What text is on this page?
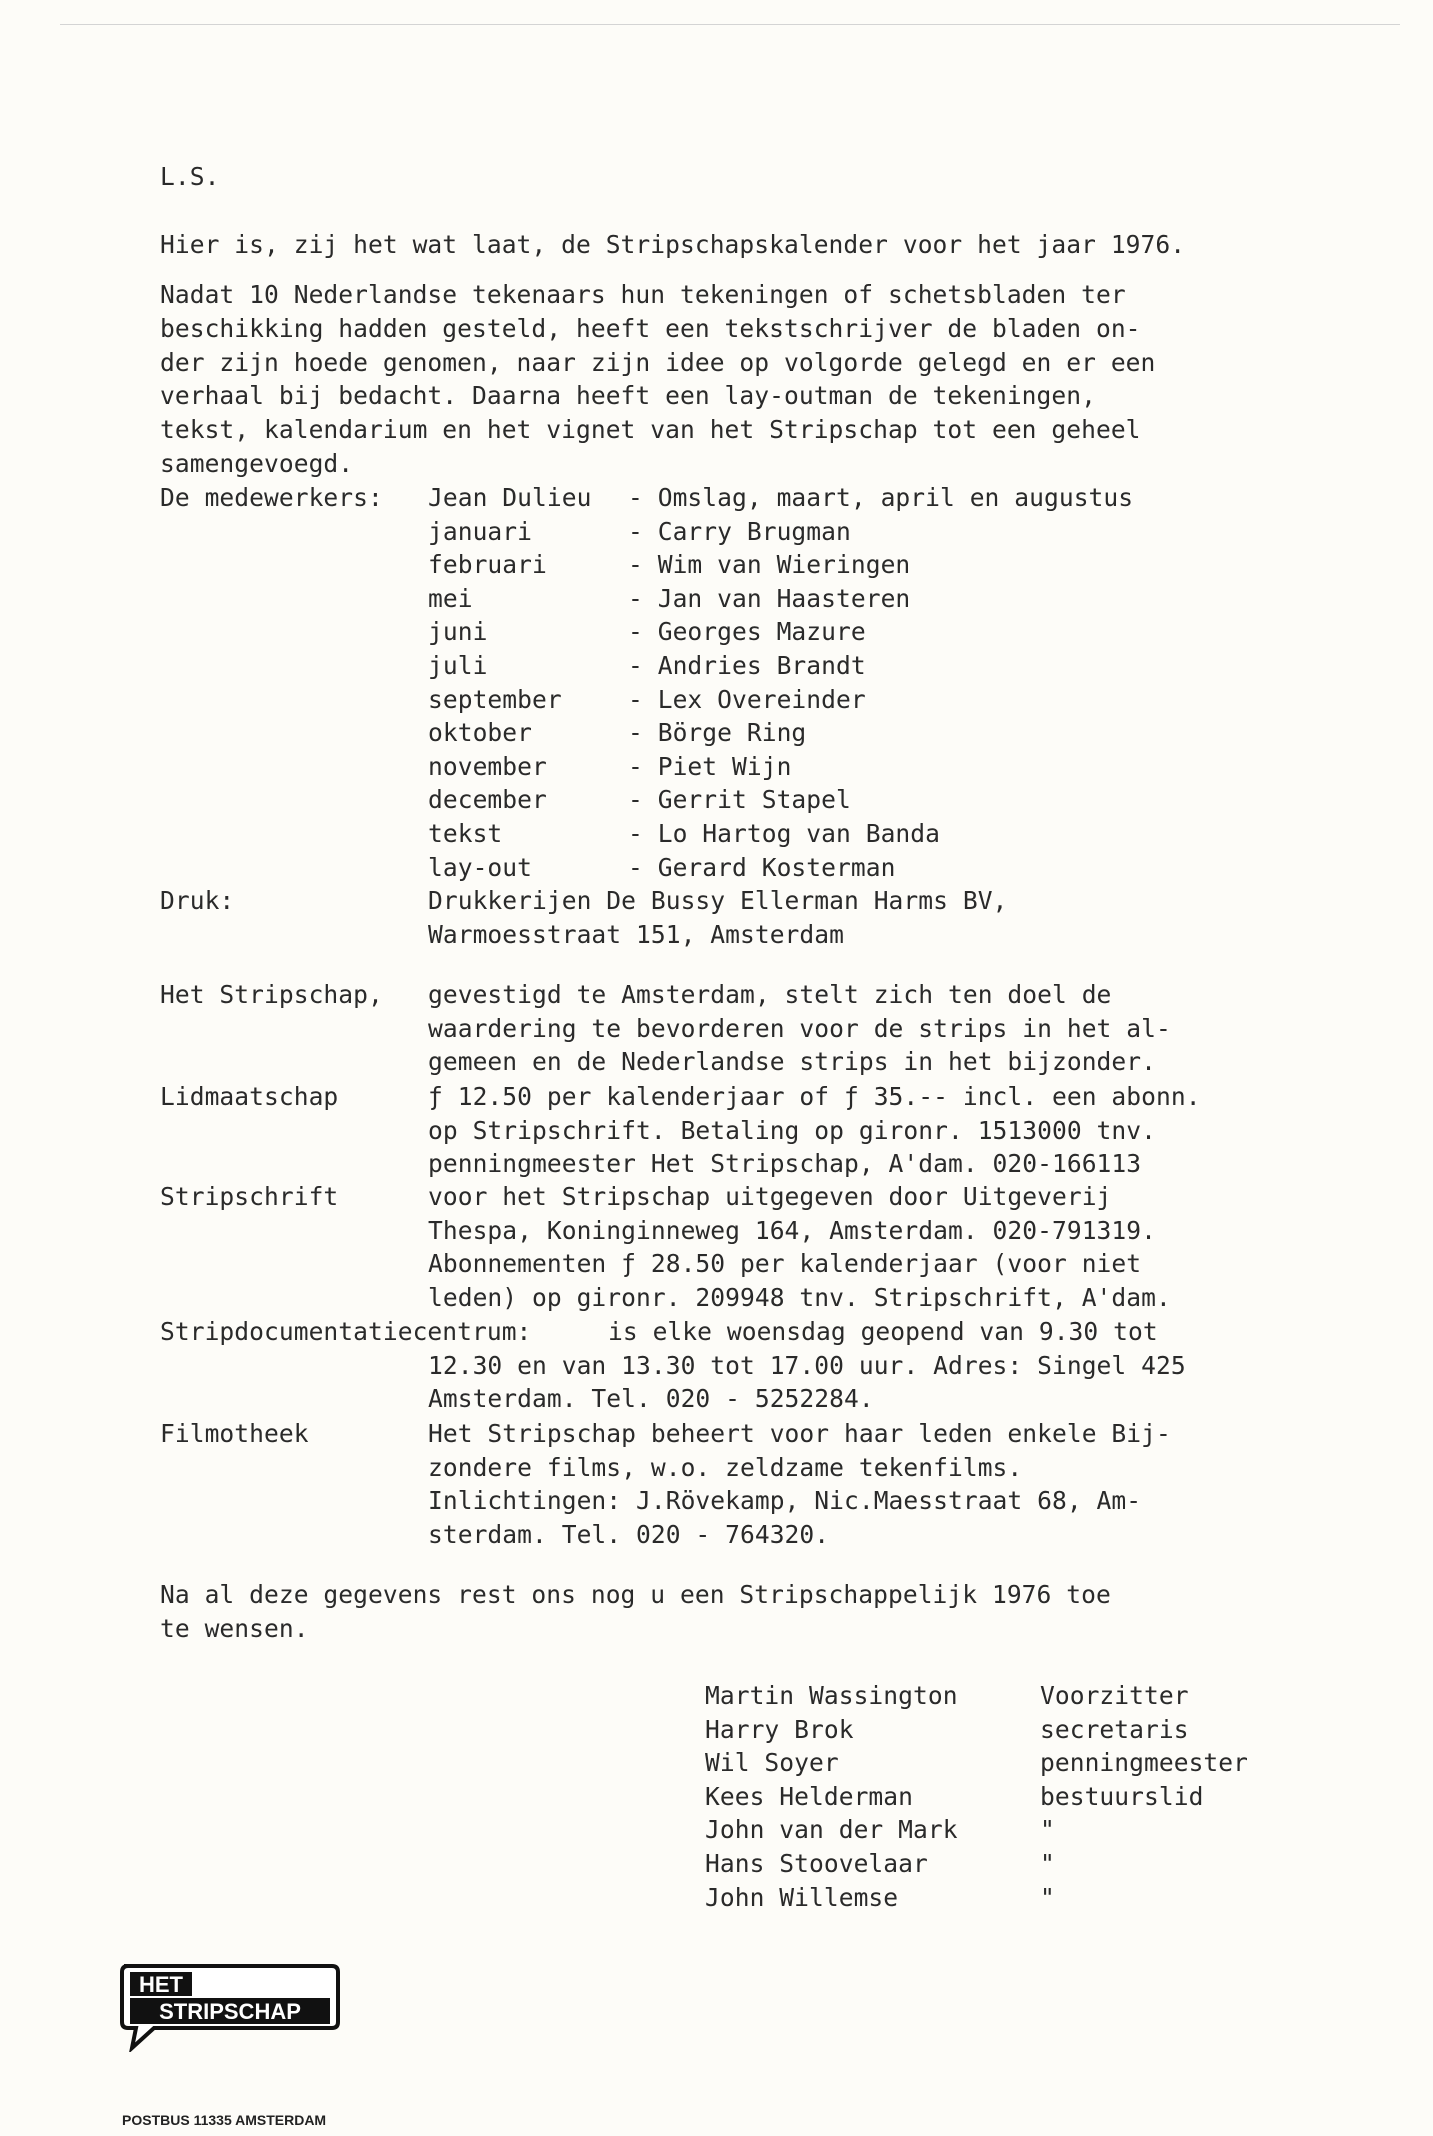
L.S.
Hier is, zij het wat laat, de Stripschapskalender voor het jaar 1976.
Nadat 10 Nederlandse tekenaars hun tekeningen of schetsbladen ter
beschikking hadden gesteld, heeft een tekstschrijver de bladen on-
der zijn hoede genomen, naar zijn idee op volgorde gelegd en er een
verhaal bij bedacht. Daarna heeft een lay-outman de tekeningen,
tekst, kalendarium en het vignet van het Stripschap tot een geheel
samengevoegd.
De medewerkers: Jean Dulieu - Omslag, maart, april en augustus
januari	- Carry Brugman
februari	- Wim van Wieringen
mei	- Jan van Haasteren
juni	- Georges Mazure
juli	- Andries Brandt
september	- Lex Overeinder
oktober	- Börge Ring
november	- Piet Wijn
december	- Gerrit Stapel
tekst	- Lo Hartog van Banda
lay-out	- Gerard Kosterman
Druk:	Drukkerijen De Bussy Ellerman Harms BV,
Warmoesstraat 151, Amsterdam
Het Stripschap, gevestigd te Amsterdam, stelt zich ten doel de
waardering te bevorderen voor de strips in het al-
gemeen en de Nederlandse strips in het bijzonder.
Lidmaatschap	ƒ 12.50 per kalenderjaar of ƒ 35.-- incl. een abonn.
op Stripschrift. Betaling op gironr. 1513000 tnv.
penningmeester Het Stripschap, A'dam. 020-166113
Stripschrift	voor het Stripschap uitgegeven door Uitgeverij
Thespa, Koninginneweg 164, Amsterdam. 020-791319.
Abonnementen ƒ 28.50 per kalenderjaar (voor niet
leden) op gironr. 209948 tnv. Stripschrift, A'dam.
Stripdocumentatiecentrum:	is elke woensdag geopend van 9.30 tot
12.30 en van 13.30 tot 17.00 uur. Adres: Singel 425
Amsterdam. Tel. 020 - 5252284.
Filmotheek	Het Stripschap beheert voor haar leden enkele Bij-
zondere films, w.o. zeldzame tekenfilms.
Inlichtingen: J.Rövekamp, Nic.Maesstraat 68, Am-
sterdam. Tel. 020 - 764320.
Na al deze gegevens rest ons nog u een Stripschappelijk 1976 toe
te wensen.
Martin Wassington	Voorzitter
Harry Brok	secretaris
Wil Soyer	penningmeester
Kees Helderman	bestuurslid
John van der Mark	"
Hans Stoovelaar	"
John Willemse	"
HET
STRIPSCHAP
POSTBUS 11335 AMSTERDAM
